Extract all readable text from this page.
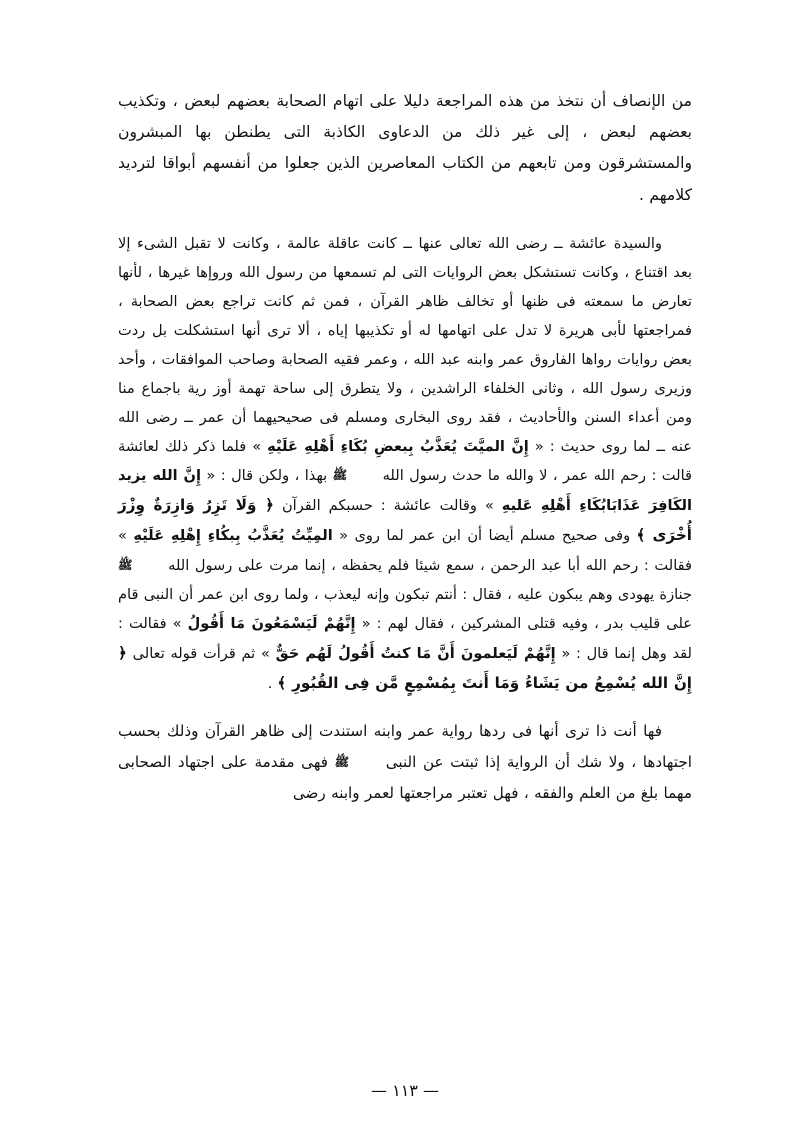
من الإنصاف أن نتخذ من هذه المراجعة دليلا على اتهام الصحابة بعضهم لبعض ، وتكذيب بعضهم لبعض ، إلى غير ذلك من الدعاوى الكاذبة التى يطنطن بها المبشرون والمستشرقون ومن تابعهم من الكتاب المعاصرين الذين جعلوا من أنفسهم أبواقا لترديد كلامهم .

والسيدة عائشة ــ رضى الله تعالى عنها ــ كانت عاقلة عالمة ، وكانت لا تقبل الشىء إلا بعد اقتناع ، وكانت تستشكل بعض الروايات التى لم تسمعها من رسول الله وروإها غيرها ، لأنها تعارض ما سمعته فى ظنها أو تخالف ظاهر القرآن ، فمن ثم كانت تراجع بعض الصحابة ، فمراجعتها لأبى هريرة لا تدل على اتهامها له أو تكذيبها إياه ، ألا ترى أنها استشكلت بل ردت بعض روايات رواها الفاروق عمر وابنه عبد الله ، وعمر فقيه الصحابة وصاحب الموافقات ، وأحد وزيرى رسول الله ، وثانى الخلفاء الراشدين ، ولا يتطرق إلى ساحة تهمة أوز رية باجماع منا ومن أعداء السنن والأحاديث ، فقد روى البخارى ومسلم فى صحيحيهما أن عمر ــ رضى الله عنه ــ لما روى حديث : « إِنَّ الميَّتَ يُعَذَّبُ بِبعضِ بُكَاءِ أَهْلِهِ عَلَيْهِ » فلما ذكر ذلك لعائشة قالت : رحم الله عمر ، لا والله ما حدث رسول الله ﷺ بهذا ، ولكن قال : « إِنَّ الله يزيد الكَافِرَ عَذَابَابُكَاءِ أَهْلِهِ عَليهِ » وقالت عائشة : حسبكم القرآن ﴿ وَلَا تَزِرُ وَازِرَةٌ وِزْرَ أُخْرَى ﴾ وفى صحيح مسلم أيضا أن ابن عمر لما روى « المِيِّتُ يُعَذَّبُ بِبكُاءِ إِهْلِهِ عَلَيْهِ » فقالت : رحم الله أبا عبد الرحمن ، سمع شيئا فلم يحفظه ، إنما مرت على رسول الله ﷺ جنازة يهودى وهم يبكون عليه ، فقال : أنتم تبكون وإنه ليعذب ، ولما روى ابن عمر أن النبى قام على قليب بدر ، وفيه قتلى المشركين ، فقال لهم : « إِنَّهُمْ لَيَسْمَعُونَ مَا أَقُولُ » فقالت : لقد وهل إنما قال : « إِنَّهُمْ لَيَعلمونَ أَنَّ مَا كنتُ أَقُولُ لَهُم حَقٌّ » ثم قرأت قوله تعالى ﴿ إِنَّ الله يُسْمِعُ من يَشَاءُ وَمَا أَنتَ بِمُسْمِعٍ مَّن فِى القُبُورِ ﴾ .

فها أنت ذا ترى أنها فى ردها رواية عمر وابنه استندت إلى ظاهر القرآن وذلك بحسب اجتهادها ، ولا شك أن الرواية إذا ثبتت عن النبى ﷺ فهى مقدمة على اجتهاد الصحابى مهما بلغ من العلم والفقه ، فهل تعتبر مراجعتها لعمر وابنه رضى

— ١١٣ —
